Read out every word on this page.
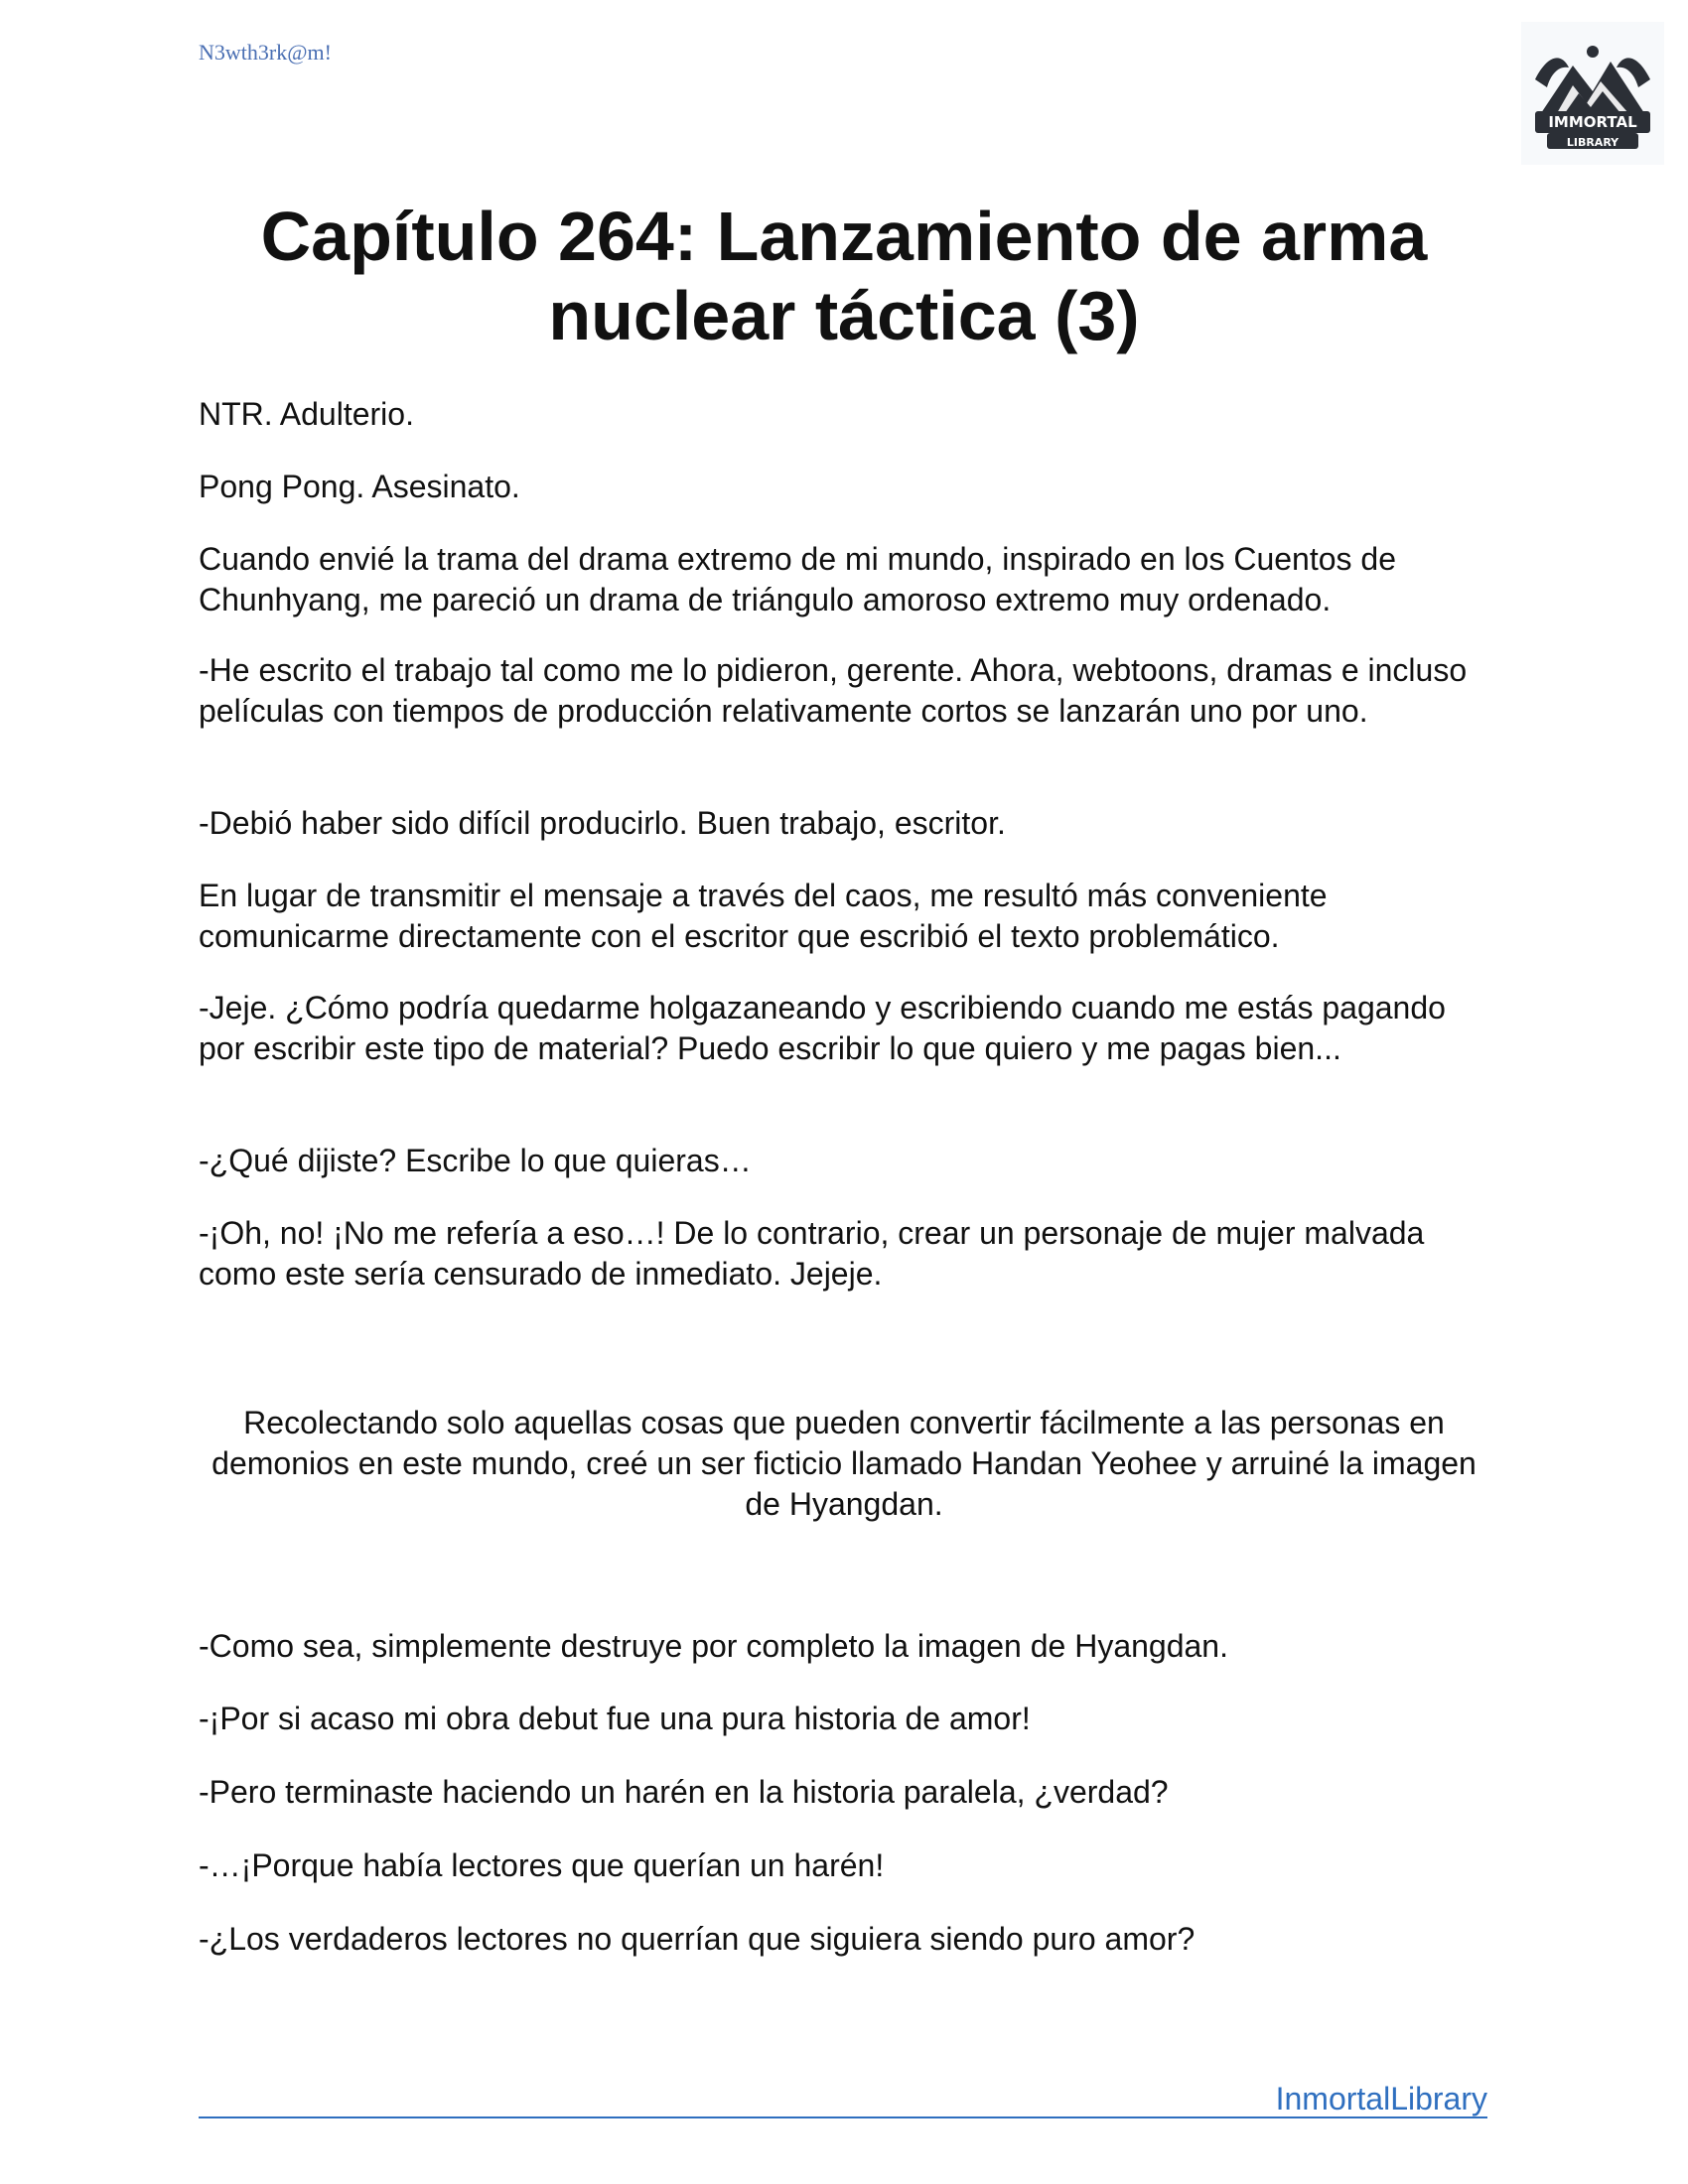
N3wth3rk@m!
IMMORTAL
LIBRARY
Capítulo 264: Lanzamiento de arma
nuclear táctica (3)

NTR. Adulterio.

Pong Pong. Asesinato.

Cuando envié la trama del drama extremo de mi mundo, inspirado en los Cuentos de Chunhyang, me pareció un drama de triángulo amoroso extremo muy ordenado.

-He escrito el trabajo tal como me lo pidieron, gerente. Ahora, webtoons, dramas e incluso películas con tiempos de producción relativamente cortos se lanzarán uno por uno.

-Debió haber sido difícil producirlo. Buen trabajo, escritor.

En lugar de transmitir el mensaje a través del caos, me resultó más conveniente comunicarme directamente con el escritor que escribió el texto problemático.

-Jeje. ¿Cómo podría quedarme holgazaneando y escribiendo cuando me estás pagando por escribir este tipo de material? Puedo escribir lo que quiero y me pagas bien...

-¿Qué dijiste? Escribe lo que quieras…

-¡Oh, no! ¡No me refería a eso…! De lo contrario, crear un personaje de mujer malvada como este sería censurado de inmediato. Jejeje.

Recolectando solo aquellas cosas que pueden convertir fácilmente a las personas en demonios en este mundo, creé un ser ficticio llamado Handan Yeohee y arruiné la imagen de Hyangdan.

-Como sea, simplemente destruye por completo la imagen de Hyangdan.

-¡Por si acaso mi obra debut fue una pura historia de amor!

-Pero terminaste haciendo un harén en la historia paralela, ¿verdad?

-…¡Porque había lectores que querían un harén!

-¿Los verdaderos lectores no querrían que siguiera siendo puro amor?

InmortalLibrary
